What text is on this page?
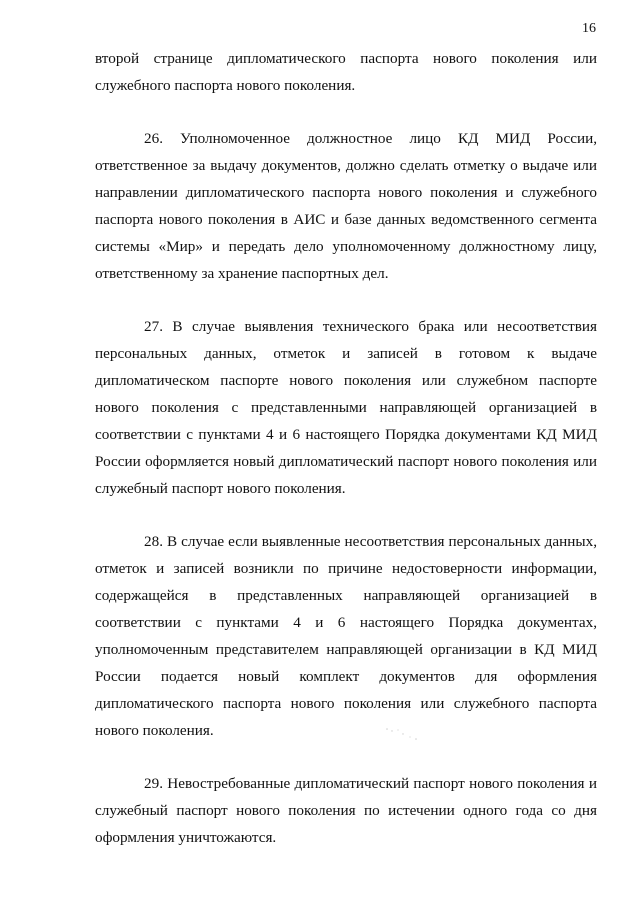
16

второй странице дипломатического паспорта нового поколения или служебного паспорта нового поколения.

26. Уполномоченное должностное лицо КД МИД России, ответственное за выдачу документов, должно сделать отметку о выдаче или направлении дипломатического паспорта нового поколения и служебного паспорта нового поколения в АИС и базе данных ведомственного сегмента системы «Мир» и передать дело уполномоченному должностному лицу, ответственному за хранение паспортных дел.

27. В случае выявления технического брака или несоответствия персональных данных, отметок и записей в готовом к выдаче дипломатическом паспорте нового поколения или служебном паспорте нового поколения с представленными направляющей организацией в соответствии с пунктами 4 и 6 настоящего Порядка документами КД МИД России оформляется новый дипломатический паспорт нового поколения или служебный паспорт нового поколения.

28. В случае если выявленные несоответствия персональных данных, отметок и записей возникли по причине недостоверности информации, содержащейся в представленных направляющей организацией в соответствии с пунктами 4 и 6 настоящего Порядка документах, уполномоченным представителем направляющей организации в КД МИД России подается новый комплект документов для оформления дипломатического паспорта нового поколения или служебного паспорта нового поколения.

29. Невостребованные дипломатический паспорт нового поколения и служебный паспорт нового поколения по истечении одного года со дня оформления уничтожаются.
